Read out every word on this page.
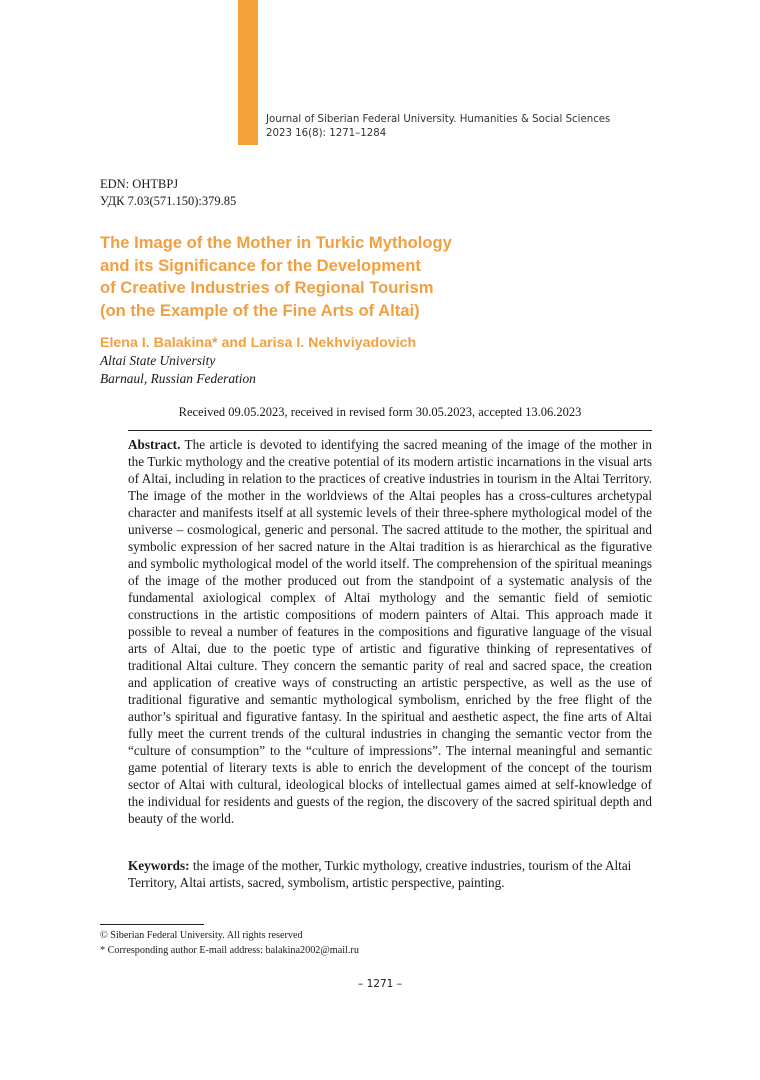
Journal of Siberian Federal University. Humanities & Social Sciences
2023 16(8): 1271–1284
EDN: OHTBPJ
УДК 7.03(571.150):379.85
The Image of the Mother in Turkic Mythology
and its Significance for the Development
of Creative Industries of Regional Tourism
(on the Example of the Fine Arts of Altai)
Elena I. Balakina* and Larisa I. Nekhviyadovich
Altai State University
Barnaul, Russian Federation
Received 09.05.2023, received in revised form 30.05.2023, accepted 13.06.2023
Abstract. The article is devoted to identifying the sacred meaning of the image of the mother in the Turkic mythology and the creative potential of its modern artistic incarnations in the visual arts of Altai, including in relation to the practices of creative industries in tourism in the Altai Territory. The image of the mother in the worldviews of the Altai peoples has a cross-cultures archetypal character and manifests itself at all systemic levels of their three-sphere mythological model of the universe – cosmological, generic and personal. The sacred attitude to the mother, the spiritual and symbolic expression of her sacred nature in the Altai tradition is as hierarchical as the figurative and symbolic mythological model of the world itself. The comprehension of the spiritual meanings of the image of the mother produced out from the standpoint of a systematic analysis of the fundamental axiological complex of Altai mythology and the semantic field of semiotic constructions in the artistic compositions of modern painters of Altai. This approach made it possible to reveal a number of features in the compositions and figurative language of the visual arts of Altai, due to the poetic type of artistic and figurative thinking of representatives of traditional Altai culture. They concern the semantic parity of real and sacred space, the creation and application of creative ways of constructing an artistic perspective, as well as the use of traditional figurative and semantic mythological symbolism, enriched by the free flight of the author’s spiritual and figurative fantasy. In the spiritual and aesthetic aspect, the fine arts of Altai fully meet the current trends of the cultural industries in changing the semantic vector from the “culture of consumption” to the “culture of impressions”. The internal meaningful and semantic game potential of literary texts is able to enrich the development of the concept of the tourism sector of Altai with cultural, ideological blocks of intellectual games aimed at self-knowledge of the individual for residents and guests of the region, the discovery of the sacred spiritual depth and beauty of the world.
Keywords: the image of the mother, Turkic mythology, creative industries, tourism of the Altai Territory, Altai artists, sacred, symbolism, artistic perspective, painting.
© Siberian Federal University. All rights reserved
* Corresponding author E-mail address: balakina2002@mail.ru
– 1271 –
